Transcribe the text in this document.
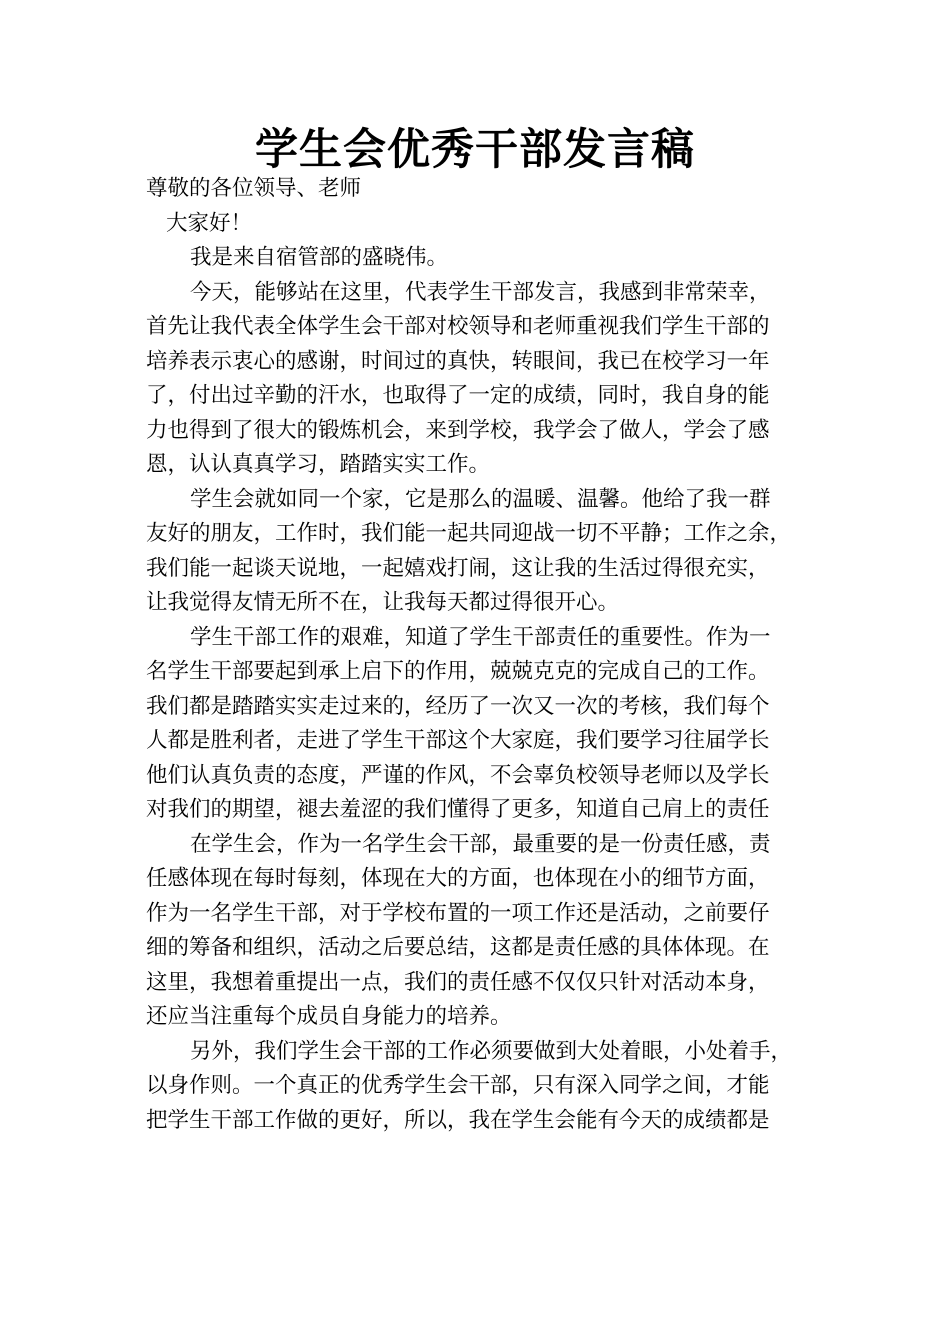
学生会优秀干部发言稿
尊敬的各位领导、老师
大家好！
我是来自宿管部的盛晓伟。
今天，能够站在这里，代表学生干部发言，我感到非常荣幸，
首先让我代表全体学生会干部对校领导和老师重视我们学生干部的
培养表示衷心的感谢，时间过的真快，转眼间，我已在校学习一年
了，付出过辛勤的汗水，也取得了一定的成绩，同时，我自身的能
力也得到了很大的锻炼机会，来到学校，我学会了做人，学会了感
恩，认认真真学习，踏踏实实工作。
学生会就如同一个家，它是那么的温暖、温馨。他给了我一群
友好的朋友，工作时，我们能一起共同迎战一切不平静；工作之余，
我们能一起谈天说地，一起嬉戏打闹，这让我的生活过得很充实，
让我觉得友情无所不在，让我每天都过得很开心。
学生干部工作的艰难，知道了学生干部责任的重要性。作为一
名学生干部要起到承上启下的作用，兢兢克克的完成自己的工作。
我们都是踏踏实实走过来的，经历了一次又一次的考核，我们每个
人都是胜利者，走进了学生干部这个大家庭，我们要学习往届学长
他们认真负责的态度，严谨的作风，不会辜负校领导老师以及学长
对我们的期望，褪去羞涩的我们懂得了更多，知道自己肩上的责任
在学生会，作为一名学生会干部，最重要的是一份责任感，责
任感体现在每时每刻，体现在大的方面，也体现在小的细节方面，
作为一名学生干部，对于学校布置的一项工作还是活动，之前要仔
细的筹备和组织，活动之后要总结，这都是责任感的具体体现。在
这里，我想着重提出一点，我们的责任感不仅仅只针对活动本身，
还应当注重每个成员自身能力的培养。
另外，我们学生会干部的工作必须要做到大处着眼，小处着手，
以身作则。一个真正的优秀学生会干部，只有深入同学之间，才能
把学生干部工作做的更好，所以，我在学生会能有今天的成绩都是
